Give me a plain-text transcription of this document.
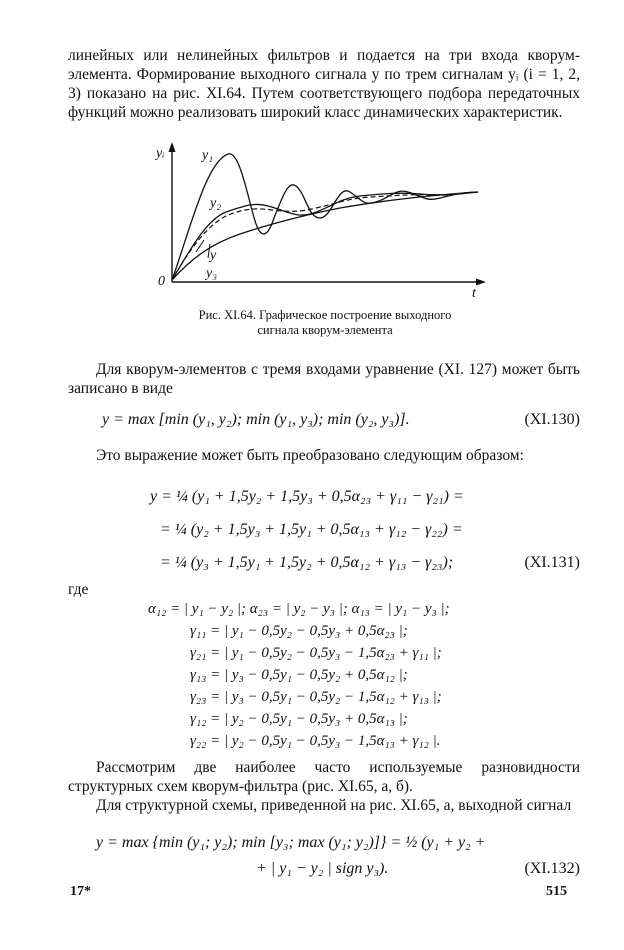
линейных или нелинейных фильтров и подается на три входа кворум-элемента. Формирование выходного сигнала y по трем сигналам yᵢ (i = 1, 2, 3) показано на рис. XI.64. Путем соответствующего подбора передаточных функций можно реализовать широкий класс динамических характеристик.
yᵢ	y₁
y₂
y
y₃
0
t
Рис. XI.64. Графическое построение выходного
сигнала кворум-элемента
Для кворум-элементов с тремя входами уравнение (XI. 127) может быть записано в виде
y = max [min (y₁, y₂); min (y₁, y₃); min (y₂, y₃)].	(XI.130)
Это выражение может быть преобразовано следующим образом:
y = ¼ (y₁ + 1,5y₂ + 1,5y₃ + 0,5α₂₃ + γ₁₁ − γ₂₁) =
= ¼ (y₂ + 1,5y₃ + 1,5y₁ + 0,5α₁₃ + γ₁₂ − γ₂₂) =
= ¼ (y₃ + 1,5y₁ + 1,5y₂ + 0,5α₁₂ + γ₁₃ − γ₂₃);	(XI.131)
где
α₁₂ = | y₁ − y₂ |; α₂₃ = | y₂ − y₃ |; α₁₃ = | y₁ − y₃ |;
γ₁₁ = | y₁ − 0,5y₂ − 0,5y₃ + 0,5α₂₃ |;
γ₂₁ = | y₁ − 0,5y₂ − 0,5y₃ − 1,5α₂₃ + γ₁₁ |;
γ₁₃ = | y₃ − 0,5y₁ − 0,5y₂ + 0,5α₁₂ |;
γ₂₃ = | y₃ − 0,5y₁ − 0,5y₂ − 1,5α₁₂ + γ₁₃ |;
γ₁₂ = | y₂ − 0,5y₁ − 0,5y₃ + 0,5α₁₃ |;
γ₂₂ = | y₂ − 0,5y₁ − 0,5y₃ − 1,5α₁₃ + γ₁₂ |.
Рассмотрим две наиболее часто используемые разновидности структурных схем кворум-фильтра (рис. XI.65, а, б).
Для структурной схемы, приведенной на рис. XI.65, а, выходной сигнал
y = max {min (y₁; y₂); min [y₃; max (y₁; y₂)]} = ½ (y₁ + y₂ +
+ | y₁ − y₂ | sign y₃).	(XI.132)
17*	515
